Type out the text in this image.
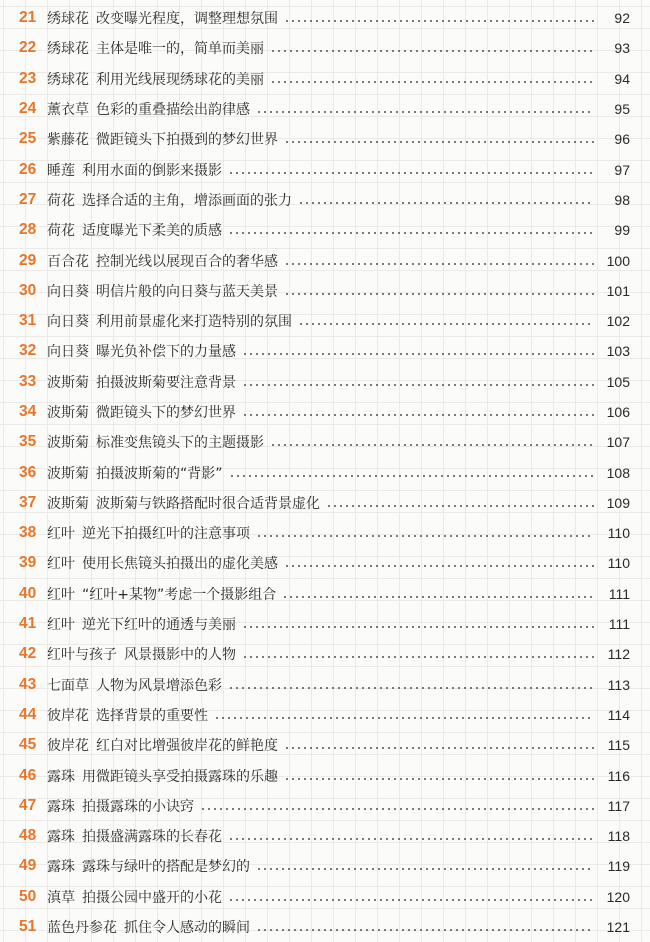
21 绣球花 改变曝光程度，调整理想氛围	92
22 绣球花 主体是唯一的，简单而美丽	93
23 绣球花 利用光线展现绣球花的美丽	94
24 薰衣草 色彩的重叠描绘出韵律感	95
25 紫藤花 微距镜头下拍摄到的梦幻世界	96
26 睡莲 利用水面的倒影来摄影	97
27 荷花 选择合适的主角，增添画面的张力	98
28 荷花 适度曝光下柔美的质感	99
29 百合花 控制光线以展现百合的奢华感	100
30 向日葵 明信片般的向日葵与蓝天美景	101
31 向日葵 利用前景虚化来打造特别的氛围	102
32 向日葵 曝光负补偿下的力量感	103
33 波斯菊 拍摄波斯菊要注意背景	105
34 波斯菊 微距镜头下的梦幻世界	106
35 波斯菊 标准变焦镜头下的主题摄影	107
36 波斯菊 拍摄波斯菊的“背影”	108
37 波斯菊 波斯菊与铁路搭配时很合适背景虚化	109
38 红叶 逆光下拍摄红叶的注意事项	110
39 红叶 使用长焦镜头拍摄出的虚化美感	110
40 红叶 “红叶+某物”考虑一个摄影组合	111
41 红叶 逆光下红叶的通透与美丽	111
42 红叶与孩子 风景摄影中的人物	112
43 七面草 人物为风景增添色彩	113
44 彼岸花 选择背景的重要性	114
45 彼岸花 红白对比增强彼岸花的鲜艳度	115
46 露珠 用微距镜头享受拍摄露珠的乐趣	116
47 露珠 拍摄露珠的小诀窍	117
48 露珠 拍摄盛满露珠的长春花	118
49 露珠 露珠与绿叶的搭配是梦幻的	119
50 滇草 拍摄公园中盛开的小花	120
51 蓝色丹参花 抓住令人感动的瞬间	121
